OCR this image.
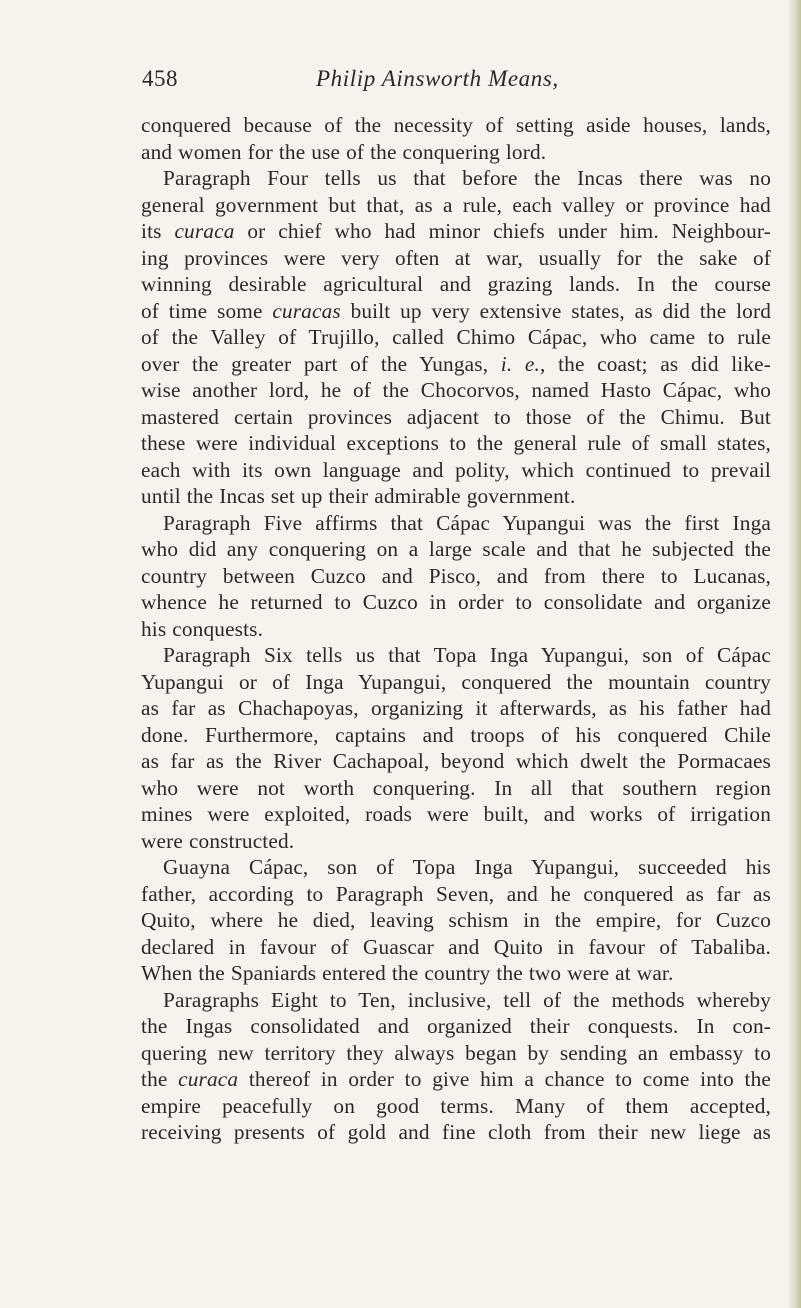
458	Philip Ainsworth Means,
conquered because of the necessity of setting aside houses, lands,
and women for the use of the conquering lord.
Paragraph Four tells us that before the Incas there was no
general government but that, as a rule, each valley or province had
its curaca or chief who had minor chiefs under him. Neighbour-
ing provinces were very often at war, usually for the sake of
winning desirable agricultural and grazing lands. In the course
of time some curacas built up very extensive states, as did the lord
of the Valley of Trujillo, called Chimo Cápac, who came to rule
over the greater part of the Yungas, i. e., the coast; as did like-
wise another lord, he of the Chocorvos, named Hasto Cápac, who
mastered certain provinces adjacent to those of the Chimu. But
these were individual exceptions to the general rule of small states,
each with its own language and polity, which continued to prevail
until the Incas set up their admirable government.
Paragraph Five affirms that Cápac Yupangui was the first Inga
who did any conquering on a large scale and that he subjected the
country between Cuzco and Pisco, and from there to Lucanas,
whence he returned to Cuzco in order to consolidate and organize
his conquests.
Paragraph Six tells us that Topa Inga Yupangui, son of Cápac
Yupangui or of Inga Yupangui, conquered the mountain country
as far as Chachapoyas, organizing it afterwards, as his father had
done. Furthermore, captains and troops of his conquered Chile
as far as the River Cachapoal, beyond which dwelt the Pormacaes
who were not worth conquering. In all that southern region
mines were exploited, roads were built, and works of irrigation
were constructed.
Guayna Cápac, son of Topa Inga Yupangui, succeeded his
father, according to Paragraph Seven, and he conquered as far as
Quito, where he died, leaving schism in the empire, for Cuzco
declared in favour of Guascar and Quito in favour of Tabaliba.
When the Spaniards entered the country the two were at war.
Paragraphs Eight to Ten, inclusive, tell of the methods whereby
the Ingas consolidated and organized their conquests. In con-
quering new territory they always began by sending an embassy to
the curaca thereof in order to give him a chance to come into the
empire peacefully on good terms. Many of them accepted,
receiving presents of gold and fine cloth from their new liege as
